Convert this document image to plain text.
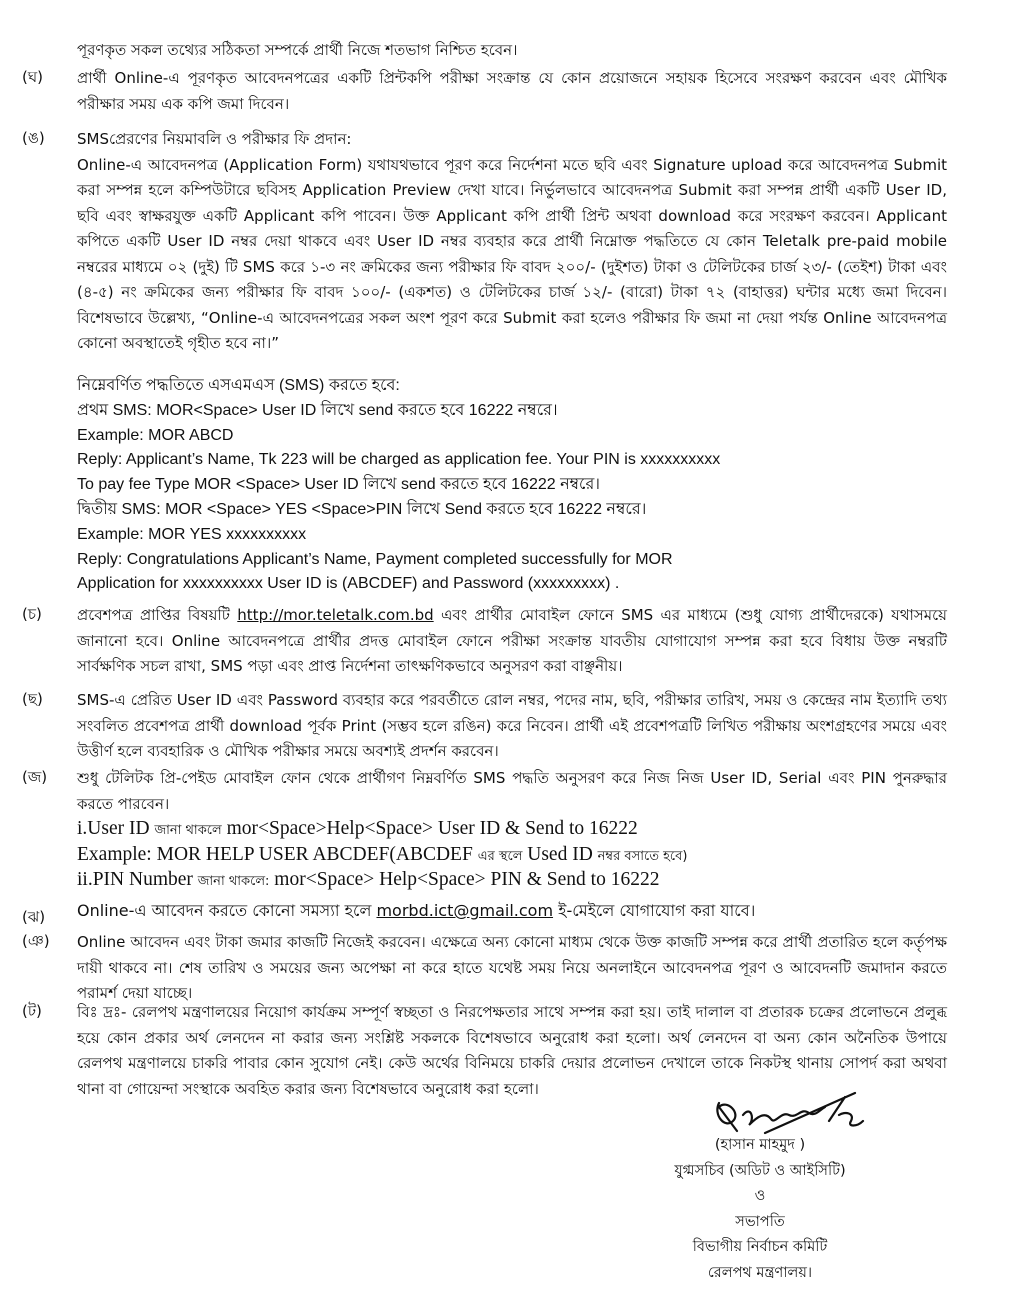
পূরণকৃত সকল তথ্যের সঠিকতা সম্পর্কে প্রার্থী নিজে শতভাগ নিশ্চিত হবেন।

(ঘ)	প্রার্থী Online-এ পূরণকৃত আবেদনপত্রের একটি প্রিন্টকপি পরীক্ষা সংক্রান্ত যে কোন প্রয়োজনে সহায়ক হিসেবে সংরক্ষণ করবেন এবং মৌখিক পরীক্ষার সময় এক কপি জমা দিবেন।

(ঙ)	SMSপ্রেরণের নিয়মাবলি ও পরীক্ষার ফি প্রদান:

Online-এ আবেদনপত্র (Application Form) যথাযথভাবে পূরণ করে নির্দেশনা মতে ছবি এবং Signature upload করে আবেদনপত্র Submit করা সম্পন্ন হলে কম্পিউটারে ছবিসহ Application Preview দেখা যাবে। নির্ভুলভাবে আবেদনপত্র Submit করা সম্পন্ন প্রার্থী একটি User ID, ছবি এবং স্বাক্ষরযুক্ত একটি Applicant কপি পাবেন। উক্ত Applicant কপি প্রার্থী প্রিন্ট অথবা download করে সংরক্ষণ করবেন। Applicant কপিতে একটি User ID নম্বর দেয়া থাকবে এবং User ID নম্বর ব্যবহার করে প্রার্থী নিম্নোক্ত পদ্ধতিতে যে কোন Teletalk pre-paid mobile নম্বরের মাধ্যমে ০২ (দুই) টি SMS করে ১-৩ নং ক্রমিকের জন্য পরীক্ষার ফি বাবদ ২০০/- (দুইশত) টাকা ও টেলিটকের চার্জ ২৩/- (তেইশ) টাকা এবং (৪-৫) নং ক্রমিকের জন্য পরীক্ষার ফি বাবদ ১০০/- (একশত) ও টেলিটকের চার্জ ১২/- (বারো) টাকা ৭২ (বাহাত্তর) ঘন্টার মধ্যে জমা দিবেন। বিশেষভাবে উল্লেখ্য, “Online-এ আবেদনপত্রের সকল অংশ পূরণ করে Submit করা হলেও পরীক্ষার ফি জমা না দেয়া পর্যন্ত Online আবেদনপত্র কোনো অবস্থাতেই গৃহীত হবে না।”

নিম্নেবর্ণিত পদ্ধতিতে এসএমএস (SMS) করতে হবে:

প্রথম SMS: MOR<Space> User ID লিখে send করতে হবে 16222 নম্বরে।

Example: MOR ABCD

Reply: Applicant’s Name, Tk 223 will be charged as application fee. Your PIN is xxxxxxxxxx

To pay fee Type MOR <Space> User ID লিখে send করতে হবে 16222 নম্বরে।

দ্বিতীয় SMS: MOR <Space> YES <Space>PIN লিখে Send করতে হবে 16222 নম্বরে।

Example: MOR YES xxxxxxxxxx

Reply: Congratulations Applicant’s Name, Payment completed successfully for MOR

Application for xxxxxxxxxx User ID is (ABCDEF) and Password (xxxxxxxxx) .

(চ)	প্রবেশপত্র প্রাপ্তির বিষয়টি http://mor.teletalk.com.bd এবং প্রার্থীর মোবাইল ফোনে SMS এর মাধ্যমে (শুধু যোগ্য প্রার্থীদেরকে) যথাসময়ে জানানো হবে। Online আবেদনপত্রে প্রার্থীর প্রদত্ত মোবাইল ফোনে পরীক্ষা সংক্রান্ত যাবতীয় যোগাযোগ সম্পন্ন করা হবে বিধায় উক্ত নম্বরটি সার্বক্ষণিক সচল রাখা, SMS পড়া এবং প্রাপ্ত নির্দেশনা তাৎক্ষণিকভাবে অনুসরণ করা বাঞ্ছনীয়।

(ছ)	SMS-এ প্রেরিত User ID এবং Password ব্যবহার করে পরবর্তীতে রোল নম্বর, পদের নাম, ছবি, পরীক্ষার তারিখ, সময় ও কেন্দ্রের নাম ইত্যাদি তথ্য সংবলিত প্রবেশপত্র প্রার্থী download পূর্বক Print (সম্ভব হলে রঙিন) করে নিবেন। প্রার্থী এই প্রবেশপত্রটি লিখিত পরীক্ষায় অংশগ্রহণের সময়ে এবং উত্তীর্ণ হলে ব্যবহারিক ও মৌখিক পরীক্ষার সময়ে অবশ্যই প্রদর্শন করবেন।

(জ)	শুধু টেলিটক প্রি-পেইড মোবাইল ফোন থেকে প্রার্থীগণ নিম্নবর্ণিত SMS পদ্ধতি অনুসরণ করে নিজ নিজ User ID, Serial এবং PIN পুনরুদ্ধার করতে পারবেন।

i.User ID জানা থাকলে mor<Space>Help<Space> User ID & Send to 16222

Example: MOR HELP USER ABCDEF(ABCDEF এর স্থলে Used ID নম্বর বসাতে হবে)

ii.PIN Number জানা থাকলে: mor<Space> Help<Space> PIN & Send to 16222

(ঝ)	Online-এ আবেদন করতে কোনো সমস্যা হলে morbd.ict@gmail.com ই-মেইলে যোগাযোগ করা যাবে।

(ঞ)	Online আবেদন এবং টাকা জমার কাজটি নিজেই করবেন। এক্ষেত্রে অন্য কোনো মাধ্যম থেকে উক্ত কাজটি সম্পন্ন করে প্রার্থী প্রতারিত হলে কর্তৃপক্ষ দায়ী থাকবে না। শেষ তারিখ ও সময়ের জন্য অপেক্ষা না করে হাতে যথেষ্ট সময় নিয়ে অনলাইনে আবেদনপত্র পূরণ ও আবেদনটি জমাদান করতে পরামর্শ দেয়া যাচ্ছে।

(ট)	বিঃ দ্রঃ- রেলপথ মন্ত্রণালয়ের নিয়োগ কার্যক্রম সম্পূর্ণ স্বচ্ছতা ও নিরপেক্ষতার সাথে সম্পন্ন করা হয়। তাই দালাল বা প্রতারক চক্রের প্রলোভনে প্রলুব্ধ হয়ে কোন প্রকার অর্থ লেনদেন না করার জন্য সংশ্লিষ্ট সকলকে বিশেষভাবে অনুরোধ করা হলো। অর্থ লেনদেন বা অন্য কোন অনৈতিক উপায়ে রেলপথ মন্ত্রণালয়ে চাকরি পাবার কোন সুযোগ নেই। কেউ অর্থের বিনিময়ে চাকরি দেয়ার প্রলোভন দেখালে তাকে নিকটস্থ থানায় সোপর্দ করা অথবা থানা বা গোয়েন্দা সংস্থাকে অবহিত করার জন্য বিশেষভাবে অনুরোধ করা হলো।

(হাসান মাহমুদ )
যুগ্মসচিব (অডিট ও আইসিটি)
ও
সভাপতি
বিভাগীয় নির্বাচন কমিটি
রেলপথ মন্ত্রণালয়।
